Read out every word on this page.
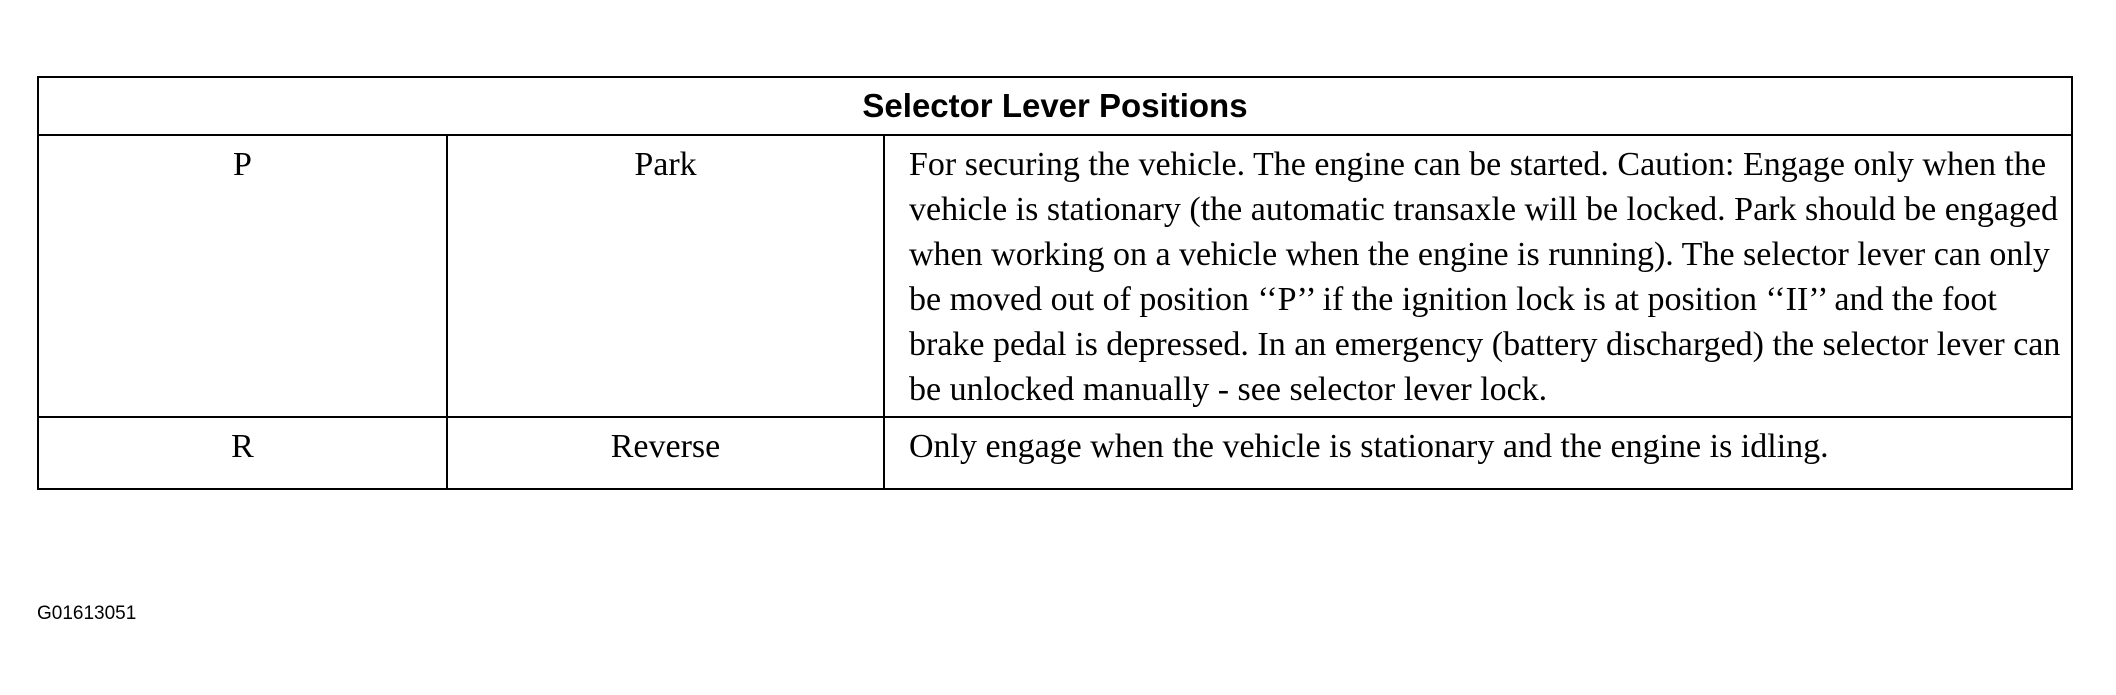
Selector Lever Positions		
P	Park	For securing the vehicle. The engine can be started. Caution: Engage only when the vehicle is stationary (the automatic transaxle will be locked. Park should be engaged when working on a vehicle when the engine is running). The selector lever can only be moved out of position ‘‘P’’ if the ignition lock is at position ‘‘II’’ and the foot brake pedal is depressed. In an emergency (battery discharged) the selector lever can be unlocked manually - see selector lever lock.
R	Reverse	Only engage when the vehicle is stationary and the engine is idling.
G01613051
